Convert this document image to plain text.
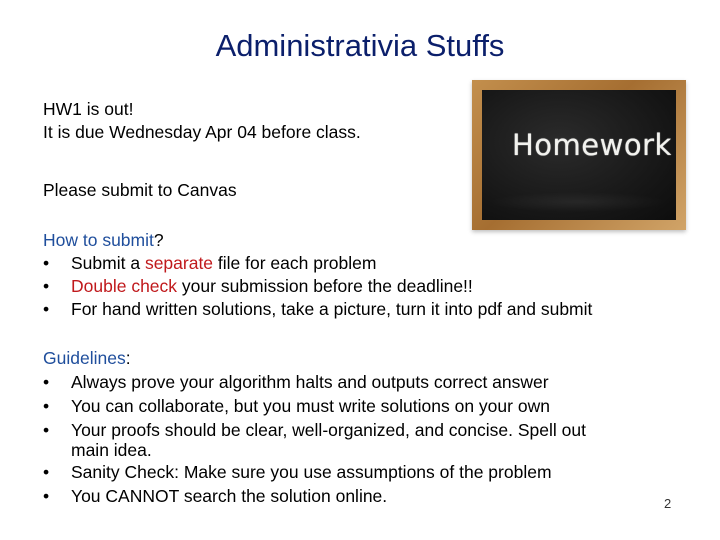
Administrativia Stuffs
HW1 is out!
It is due Wednesday Apr 04 before class.
Please submit to Canvas
Homework
How to submit?
• Submit a separate file for each problem
• Double check your submission before the deadline!!
• For hand written solutions, take a picture, turn it into pdf and submit
Guidelines:
• Always prove your algorithm halts and outputs correct answer
• You can collaborate, but you must write solutions on your own
• Your proofs should be clear, well-organized, and concise. Spell out
main idea.
• Sanity Check: Make sure you use assumptions of the problem
• You CANNOT search the solution online.	2
